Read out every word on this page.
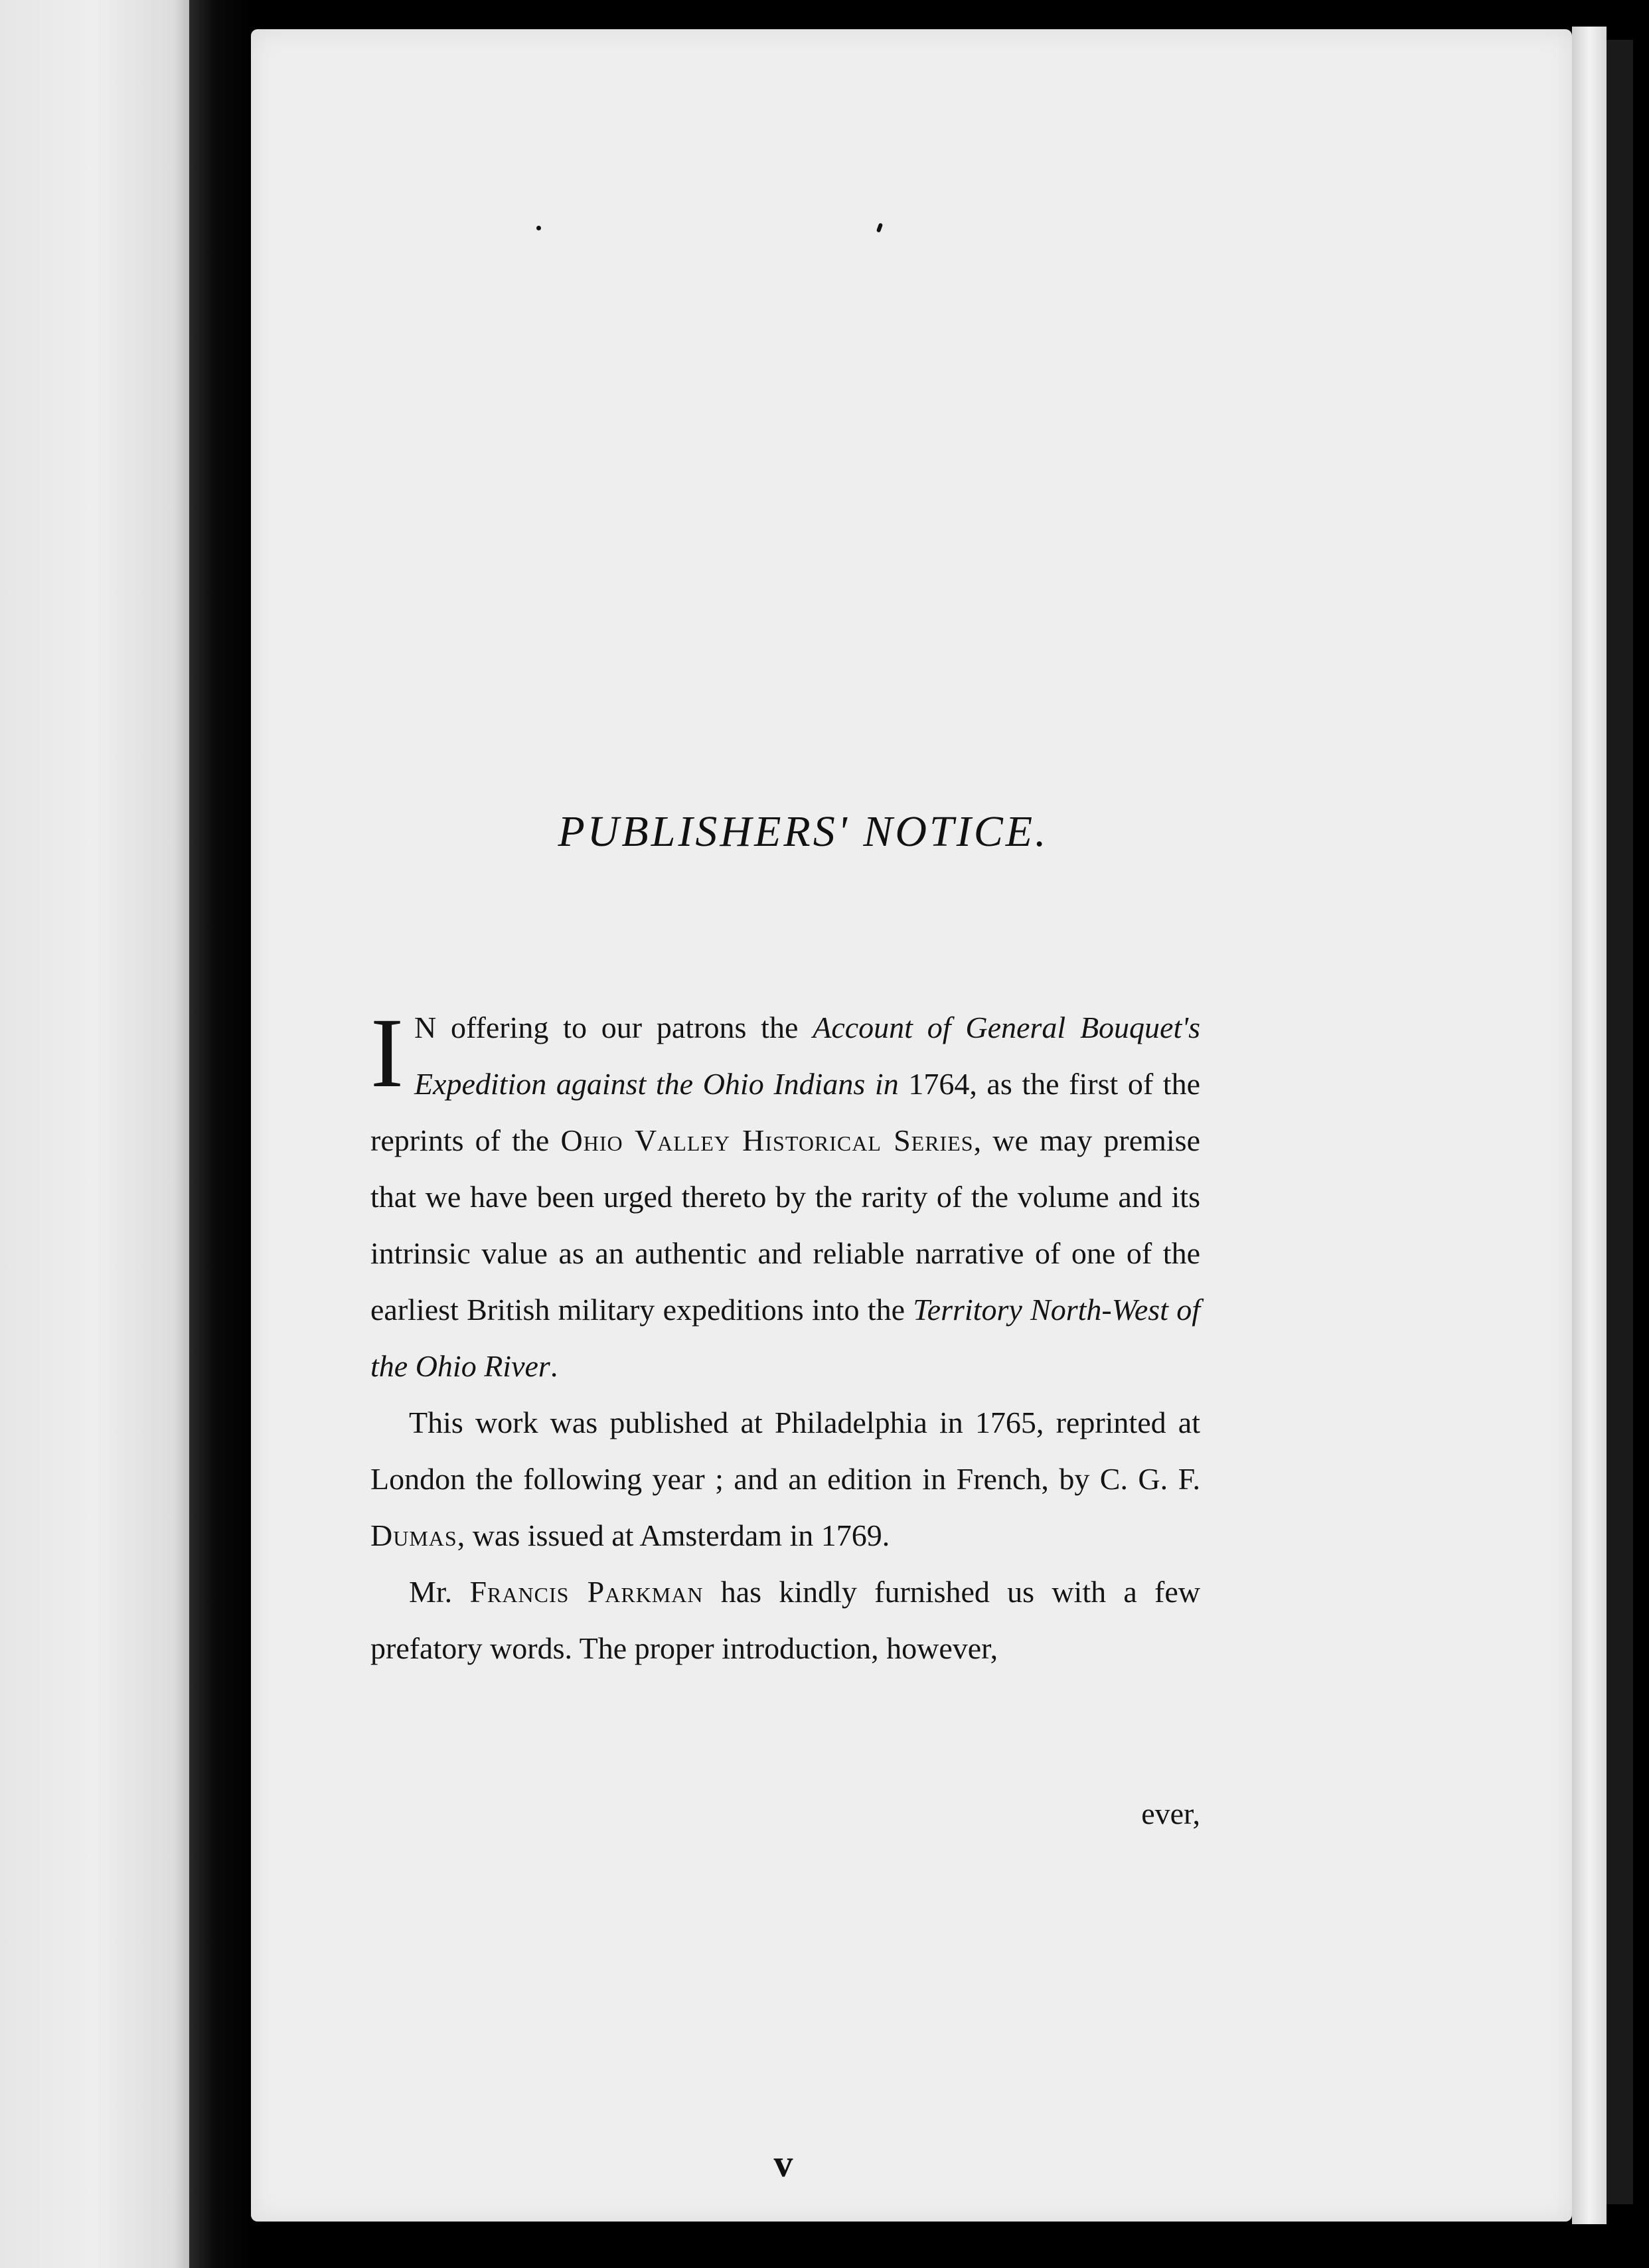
PUBLISHERS' NOTICE.

I N offering to our patrons the Account of General Bouquet's Expedition against the Ohio Indians in 1764, as the first of the reprints of the Ohio Valley Historical Series, we may premise that we have been urged thereto by the rarity of the volume and its intrinsic value as an authentic and reliable narrative of one of the earliest British military expeditions into the Territory North-West of the Ohio River.

This work was published at Philadelphia in 1765, reprinted at London the following year ; and an edition in French, by C. G. F. Dumas, was issued at Amsterdam in 1769.

Mr. Francis Parkman has kindly furnished us with a few prefatory words. The proper introduction, however,

ever,
v
